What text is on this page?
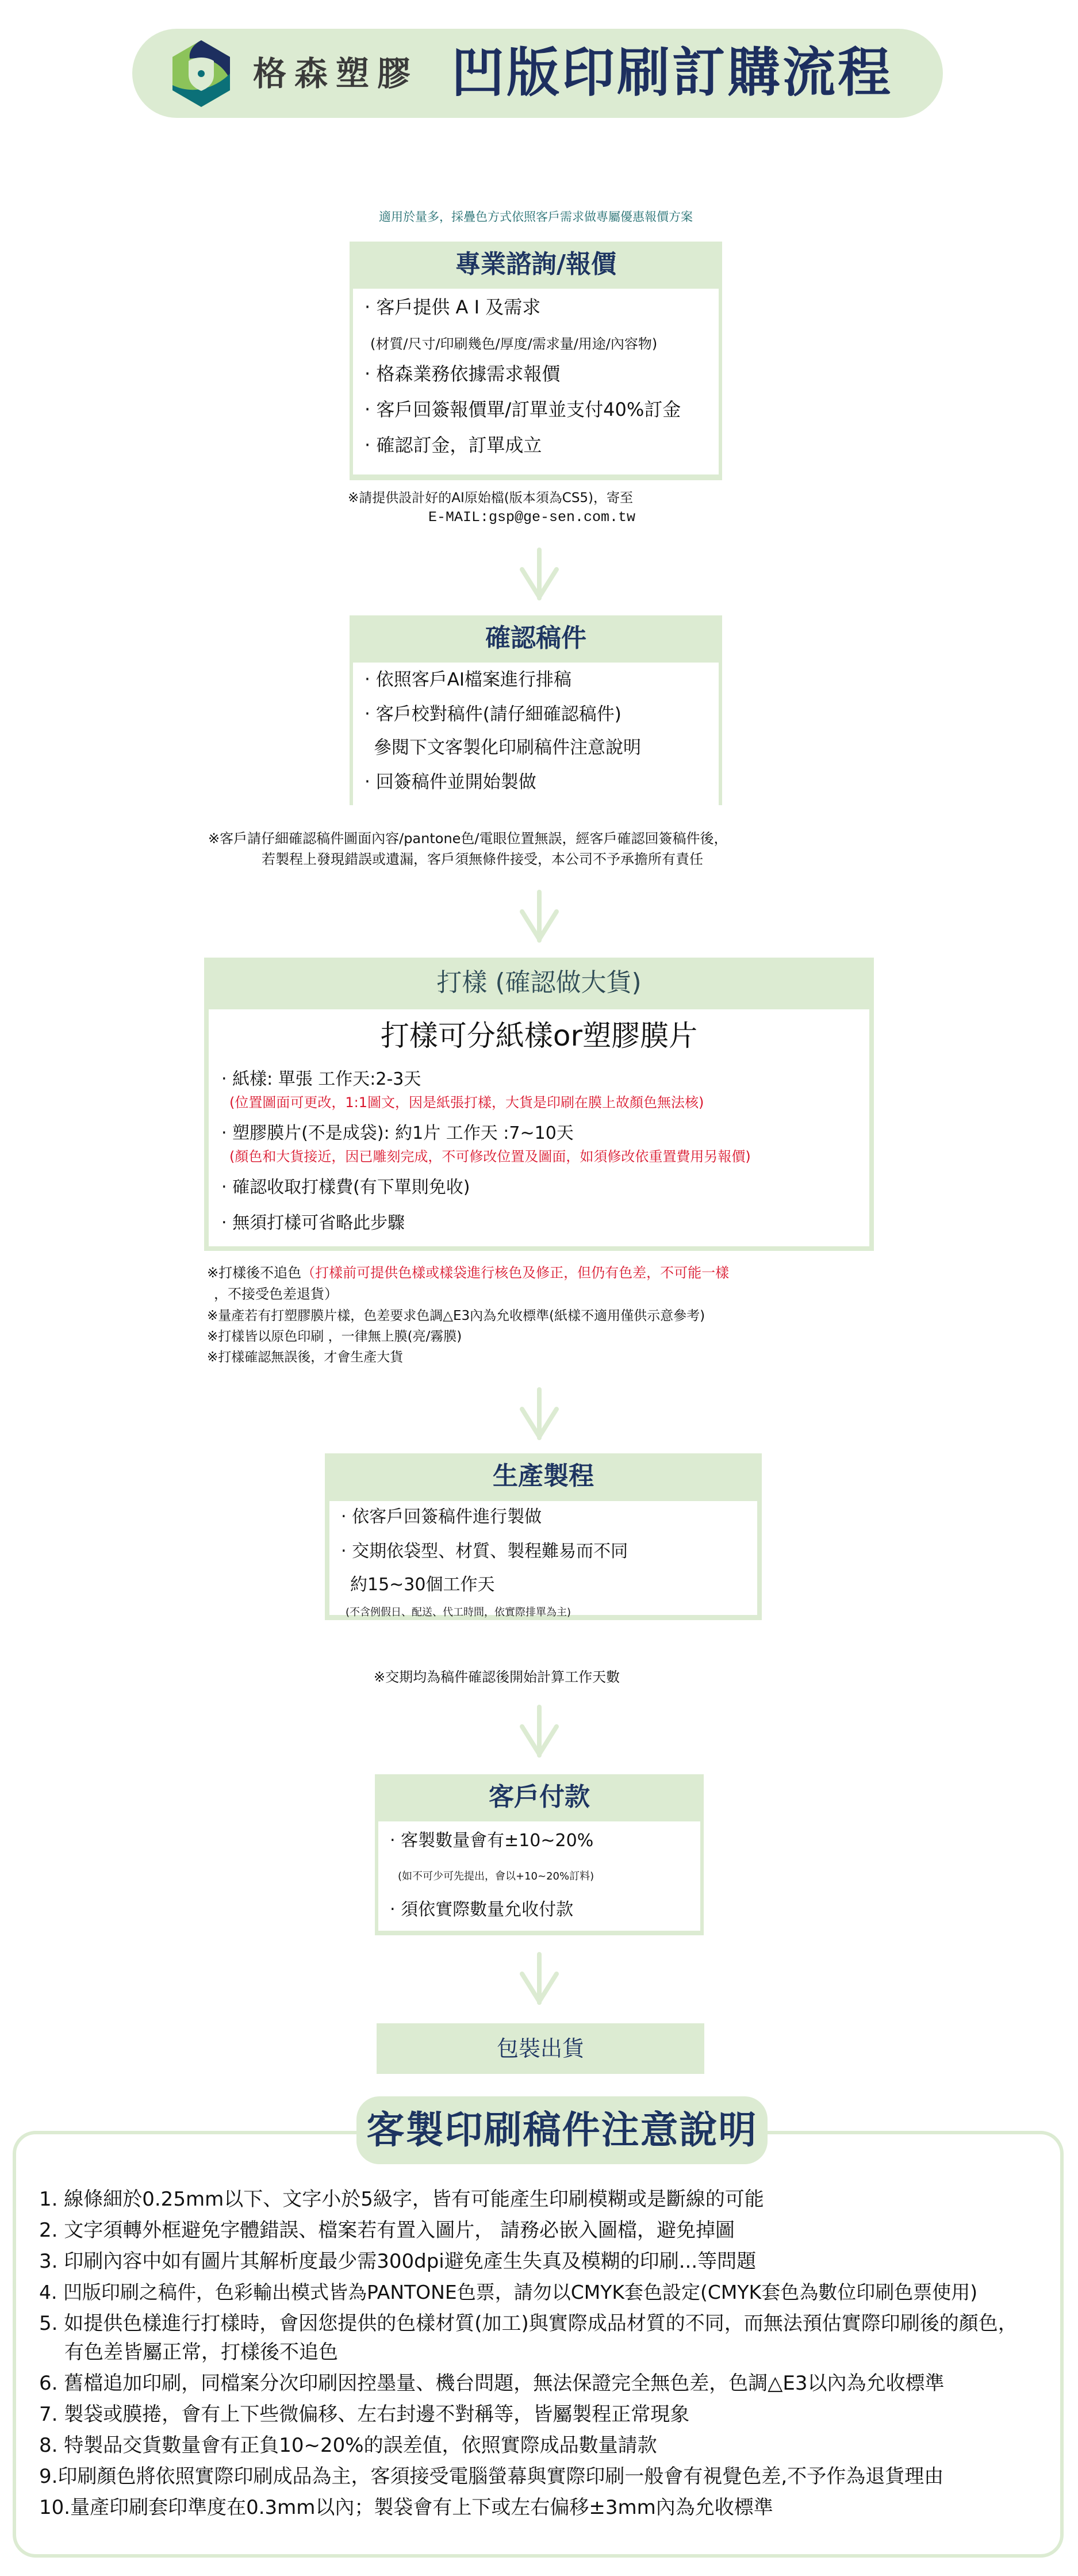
格森塑膠 凹版印刷訂購流程
適用於量多，採疊色方式依照客戶需求做專屬優惠報價方案
專業諮詢/報價
‧ 客戶提供 A I 及需求
(材質/尺寸/印刷幾色/厚度/需求量/用途/內容物)
‧ 格森業務依據需求報價
‧ 客戶回簽報價單/訂單並支付40%訂金
‧ 確認訂金，訂單成立
※請提供設計好的AI原始檔(版本須為CS5)，寄至
E-MAIL:gsp@ge-sen.com.tw
確認稿件
‧ 依照客戶AI檔案進行排稿
‧ 客戶校對稿件(請仔細確認稿件)
參閱下文客製化印刷稿件注意說明
‧ 回簽稿件並開始製做
※客戶請仔細確認稿件圖面內容/pantone色/電眼位置無誤，經客戶確認回簽稿件後，
若製程上發現錯誤或遺漏，客戶須無條件接受，本公司不予承擔所有責任
打樣 (確認做大貨)
打樣可分紙樣or塑膠膜片
‧ 紙樣: 單張 工作天:2-3天
(位置圖面可更改，1:1圖文，因是紙張打樣，大貨是印刷在膜上故顏色無法核)
‧ 塑膠膜片(不是成袋): 約1片 工作天 :7~10天
(顏色和大貨接近，因已雕刻完成，不可修改位置及圖面，如須修改依重置費用另報價)
‧ 確認收取打樣費(有下單則免收)
‧ 無須打樣可省略此步驟
※打樣後不追色（打樣前可提供色樣或樣袋進行核色及修正，但仍有色差，不可能一樣
，不接受色差退貨）
※量產若有打塑膠膜片樣，色差要求色調△E3內為允收標準(紙樣不適用僅供示意參考)
※打樣皆以原色印刷 ，一律無上膜(亮/霧膜)
※打樣確認無誤後，才會生產大貨
生產製程
‧ 依客戶回簽稿件進行製做
‧ 交期依袋型、材質、製程難易而不同
約15~30個工作天
(不含例假日、配送、代工時間，依實際排單為主)
※交期均為稿件確認後開始計算工作天數
客戶付款
‧ 客製數量會有±10~20%
(如不可少可先提出，會以+10~20%訂料)
‧ 須依實際數量允收付款
包裝出貨
客製印刷稿件注意說明
1. 線條細於0.25mm以下、文字小於5級字，皆有可能產生印刷模糊或是斷線的可能
2. 文字須轉外框避免字體錯誤、檔案若有置入圖片， 請務必嵌入圖檔，避免掉圖
3. 印刷內容中如有圖片其解析度最少需300dpi避免產生失真及模糊的印刷...等問題
4. 凹版印刷之稿件，色彩輸出模式皆為PANTONE色票，請勿以CMYK套色設定(CMYK套色為數位印刷色票使用)
5. 如提供色樣進行打樣時，會因您提供的色樣材質(加工)與實際成品材質的不同，而無法預估實際印刷後的顏色，
有色差皆屬正常，打樣後不追色
6. 舊檔追加印刷，同檔案分次印刷因控墨量、機台問題，無法保證完全無色差，色調△E3以內為允收標準
7. 製袋或膜捲，會有上下些微偏移、左右封邊不對稱等，皆屬製程正常現象
8. 特製品交貨數量會有正負10~20%的誤差值，依照實際成品數量請款
9.印刷顏色將依照實際印刷成品為主，客須接受電腦螢幕與實際印刷一般會有視覺色差,不予作為退貨理由
10.量產印刷套印準度在0.3mm以內；製袋會有上下或左右偏移±3mm內為允收標準
